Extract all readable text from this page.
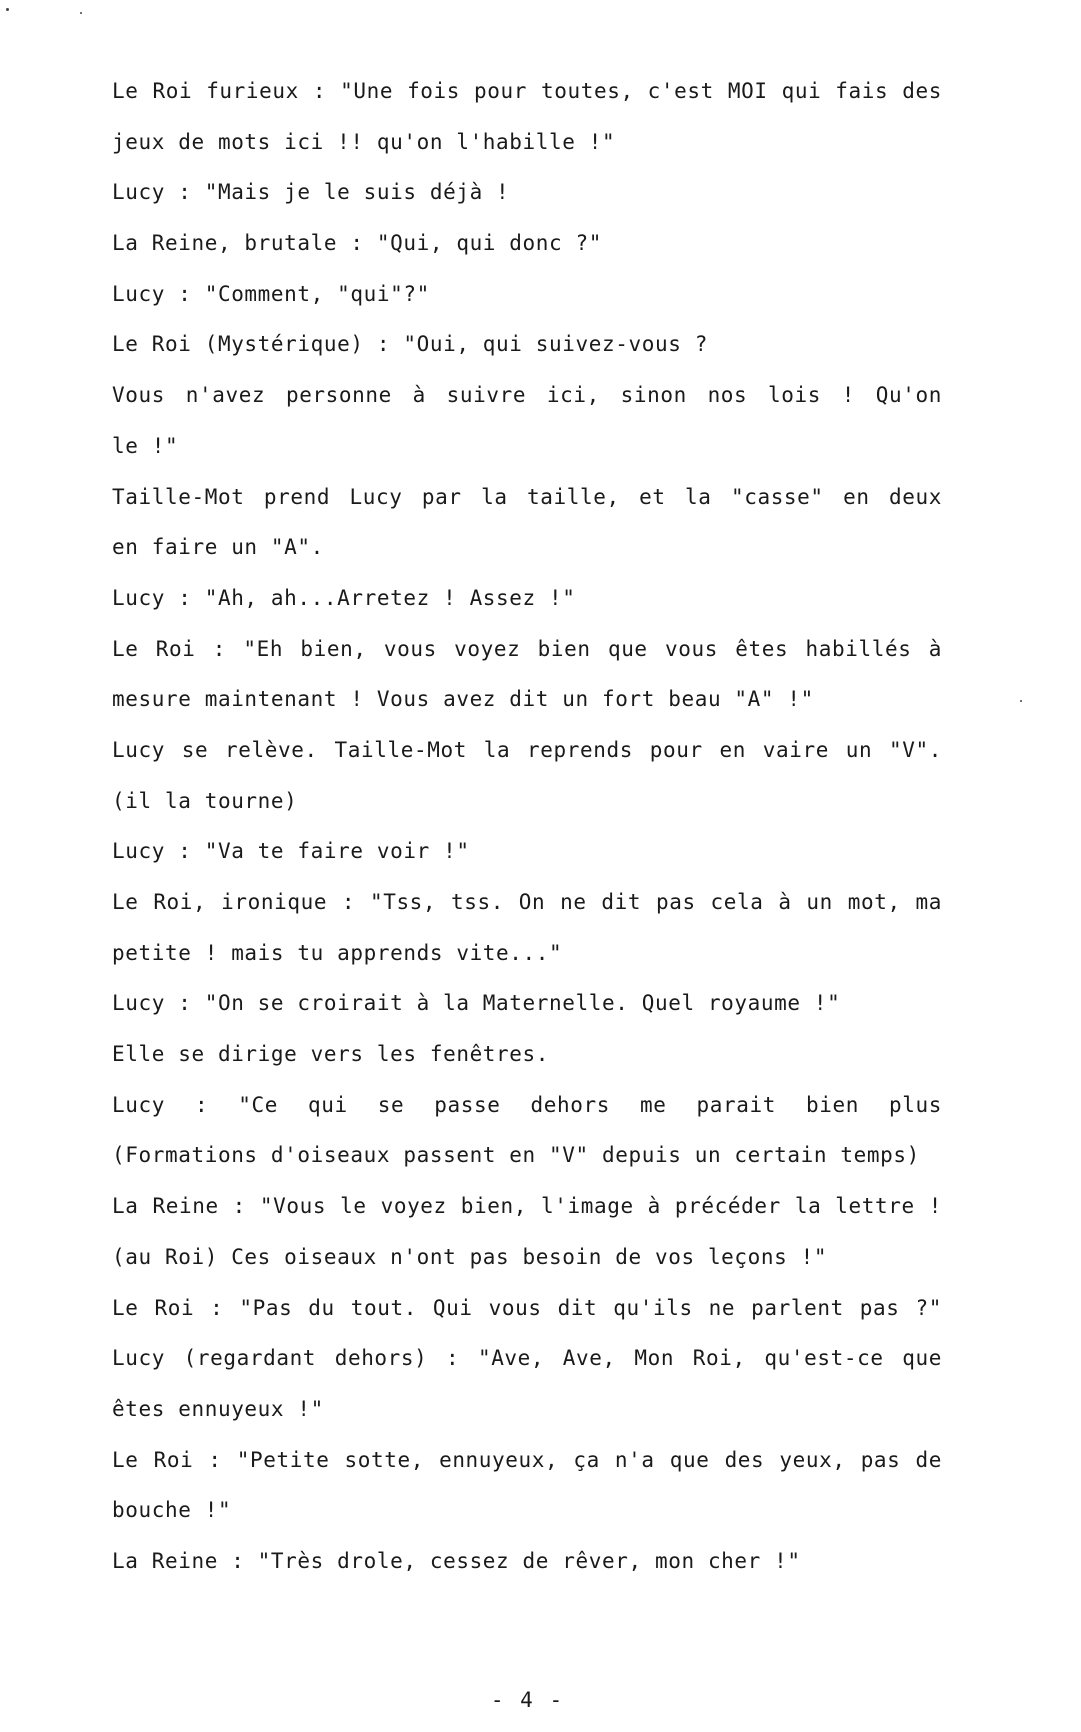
Le Roi furieux : "Une fois pour toutes, c'est MOI qui fais des
jeux de mots ici !! qu'on l'habille !"
Lucy : "Mais je le suis déjà !
La Reine, brutale : "Qui, qui donc ?"
Lucy : "Comment, "qui"?"
Le Roi (Mystérique) : "Oui, qui suivez-vous ?
Vous n'avez personne à suivre ici, sinon nos lois ! Qu'on
le !"
Taille-Mot prend Lucy par la taille, et la "casse" en deux
en faire un "A".
Lucy : "Ah, ah...Arretez ! Assez !"
Le Roi : "Eh bien, vous voyez bien que vous êtes habillés à
mesure maintenant ! Vous avez dit un fort beau "A" !"
Lucy se relève. Taille-Mot la reprends pour en vaire un "V".
(il la tourne)
Lucy : "Va te faire voir !"
Le Roi, ironique : "Tss, tss. On ne dit pas cela à un mot, ma
petite ! mais tu apprends vite..."
Lucy : "On se croirait à la Maternelle. Quel royaume !"
Elle se dirige vers les fenêtres.
Lucy : "Ce qui se passe dehors me parait bien plus
(Formations d'oiseaux passent en "V" depuis un certain temps)
La Reine : "Vous le voyez bien, l'image à précéder la lettre !
(au Roi) Ces oiseaux n'ont pas besoin de vos leçons !"
Le Roi : "Pas du tout. Qui vous dit qu'ils ne parlent pas ?"
Lucy (regardant dehors) : "Ave, Ave, Mon Roi, qu'est-ce que
êtes ennuyeux !"
Le Roi : "Petite sotte, ennuyeux, ça n'a que des yeux, pas de
bouche !"
La Reine : "Très drole, cessez de rêver, mon cher !"
- 4 -
